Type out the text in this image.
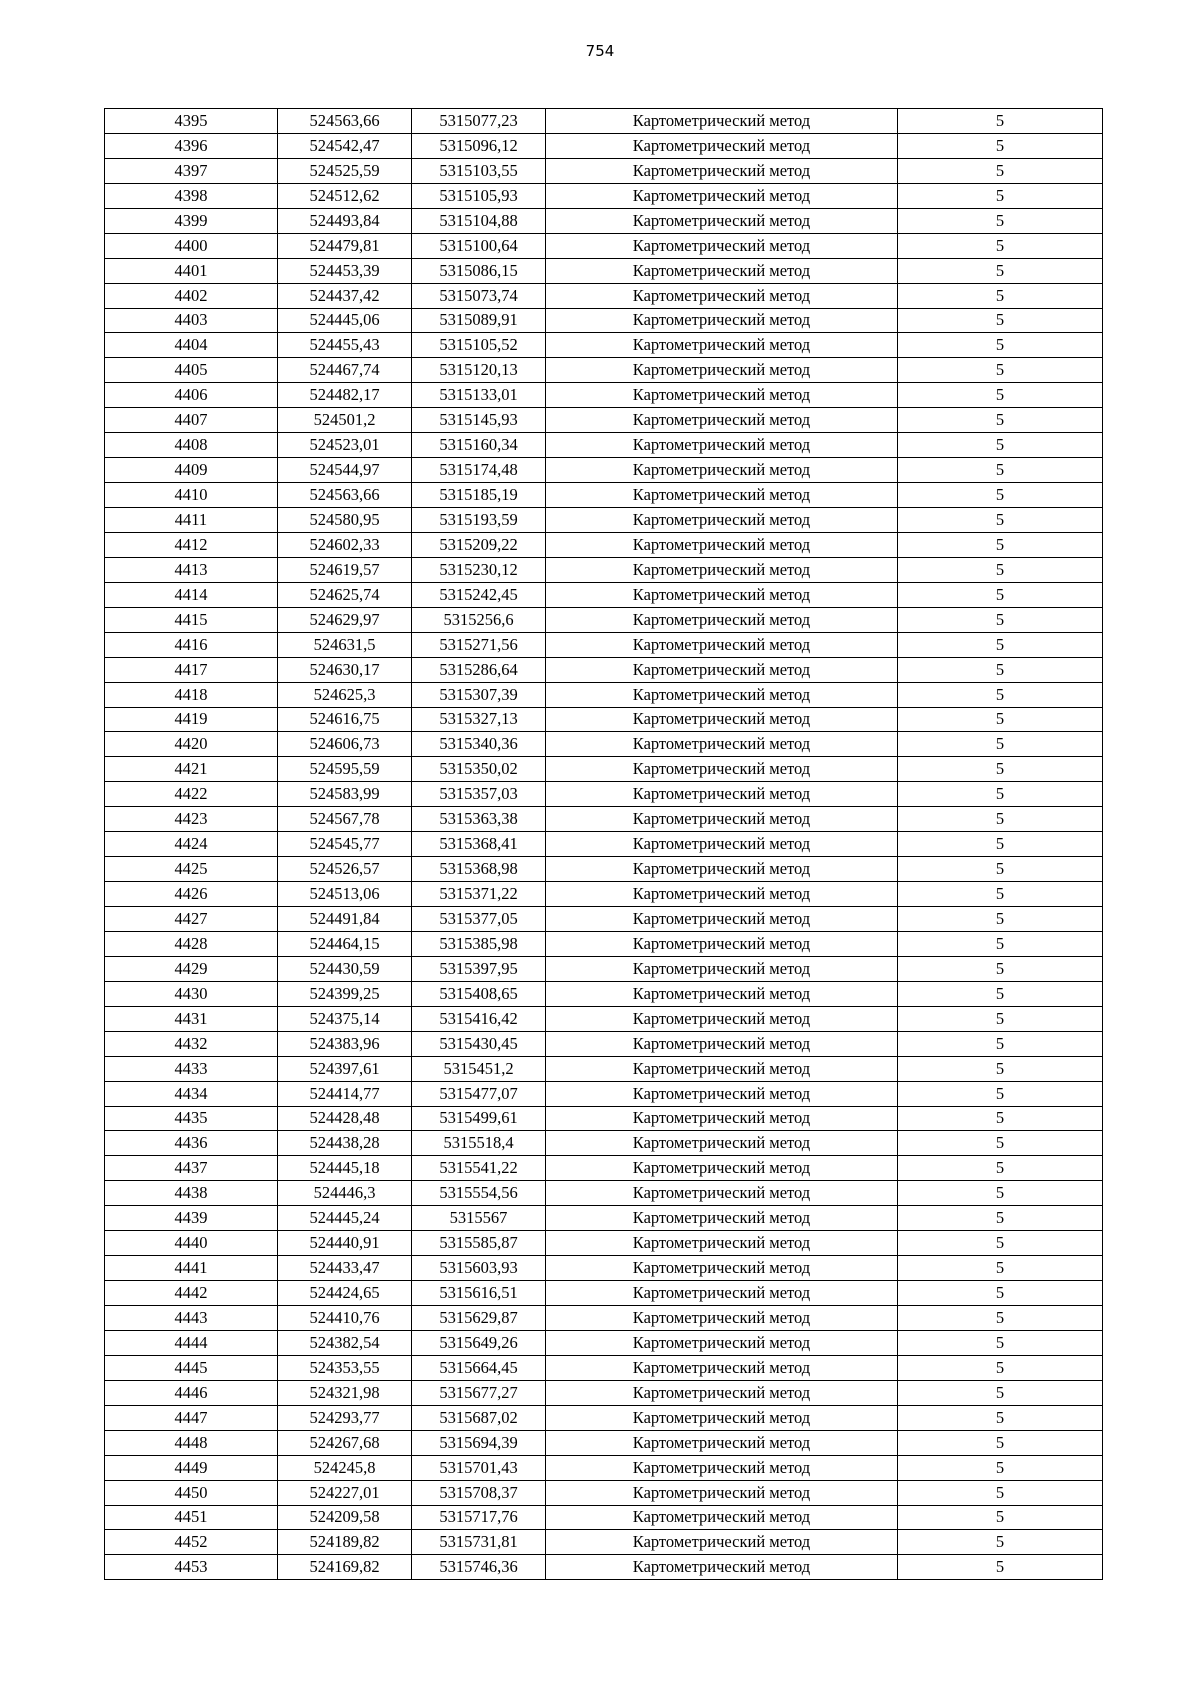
754
4395	524563,66	5315077,23	Картометрический метод	5
4396	524542,47	5315096,12	Картометрический метод	5
4397	524525,59	5315103,55	Картометрический метод	5
4398	524512,62	5315105,93	Картометрический метод	5
4399	524493,84	5315104,88	Картометрический метод	5
4400	524479,81	5315100,64	Картометрический метод	5
4401	524453,39	5315086,15	Картометрический метод	5
4402	524437,42	5315073,74	Картометрический метод	5
4403	524445,06	5315089,91	Картометрический метод	5
4404	524455,43	5315105,52	Картометрический метод	5
4405	524467,74	5315120,13	Картометрический метод	5
4406	524482,17	5315133,01	Картометрический метод	5
4407	524501,2	5315145,93	Картометрический метод	5
4408	524523,01	5315160,34	Картометрический метод	5
4409	524544,97	5315174,48	Картометрический метод	5
4410	524563,66	5315185,19	Картометрический метод	5
4411	524580,95	5315193,59	Картометрический метод	5
4412	524602,33	5315209,22	Картометрический метод	5
4413	524619,57	5315230,12	Картометрический метод	5
4414	524625,74	5315242,45	Картометрический метод	5
4415	524629,97	5315256,6	Картометрический метод	5
4416	524631,5	5315271,56	Картометрический метод	5
4417	524630,17	5315286,64	Картометрический метод	5
4418	524625,3	5315307,39	Картометрический метод	5
4419	524616,75	5315327,13	Картометрический метод	5
4420	524606,73	5315340,36	Картометрический метод	5
4421	524595,59	5315350,02	Картометрический метод	5
4422	524583,99	5315357,03	Картометрический метод	5
4423	524567,78	5315363,38	Картометрический метод	5
4424	524545,77	5315368,41	Картометрический метод	5
4425	524526,57	5315368,98	Картометрический метод	5
4426	524513,06	5315371,22	Картометрический метод	5
4427	524491,84	5315377,05	Картометрический метод	5
4428	524464,15	5315385,98	Картометрический метод	5
4429	524430,59	5315397,95	Картометрический метод	5
4430	524399,25	5315408,65	Картометрический метод	5
4431	524375,14	5315416,42	Картометрический метод	5
4432	524383,96	5315430,45	Картометрический метод	5
4433	524397,61	5315451,2	Картометрический метод	5
4434	524414,77	5315477,07	Картометрический метод	5
4435	524428,48	5315499,61	Картометрический метод	5
4436	524438,28	5315518,4	Картометрический метод	5
4437	524445,18	5315541,22	Картометрический метод	5
4438	524446,3	5315554,56	Картометрический метод	5
4439	524445,24	5315567	Картометрический метод	5
4440	524440,91	5315585,87	Картометрический метод	5
4441	524433,47	5315603,93	Картометрический метод	5
4442	524424,65	5315616,51	Картометрический метод	5
4443	524410,76	5315629,87	Картометрический метод	5
4444	524382,54	5315649,26	Картометрический метод	5
4445	524353,55	5315664,45	Картометрический метод	5
4446	524321,98	5315677,27	Картометрический метод	5
4447	524293,77	5315687,02	Картометрический метод	5
4448	524267,68	5315694,39	Картометрический метод	5
4449	524245,8	5315701,43	Картометрический метод	5
4450	524227,01	5315708,37	Картометрический метод	5
4451	524209,58	5315717,76	Картометрический метод	5
4452	524189,82	5315731,81	Картометрический метод	5
4453	524169,82	5315746,36	Картометрический метод	5
